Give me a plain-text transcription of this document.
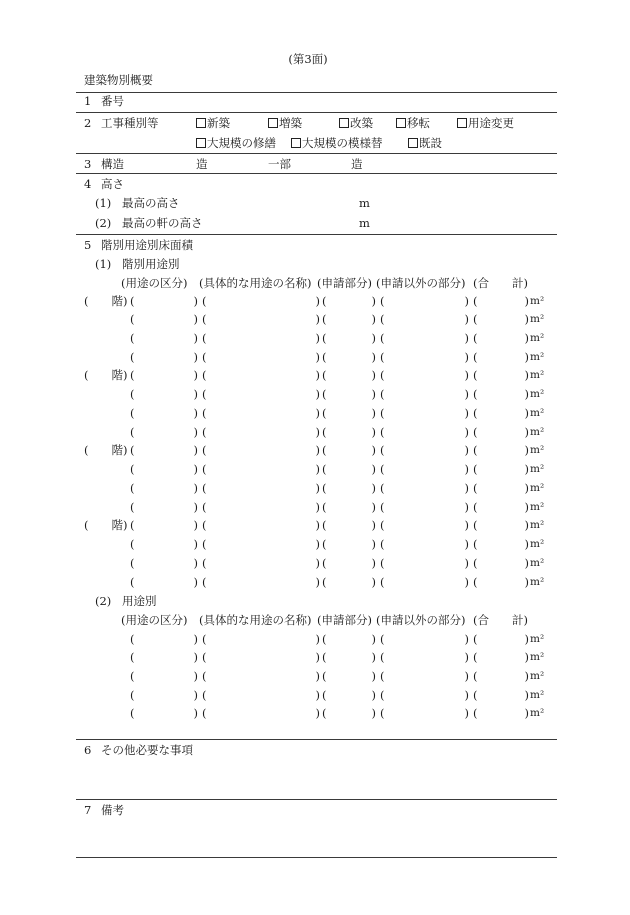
(第3面)
建築物別概要
1 番号
2 工事種別等	新築	増築	改築	移転	用途変更
大規模の修繕 大規模の模様替	既設
3 構造	造	一部	造
4 高さ
(1) 最高の高さ	m
(2) 最高の軒の高さ	m
5 階別用途別床面積
(1) 階別用途別
(用途の区分) (具体的な用途の名称) (申請部分) (申請以外の部分) (合　　計)
(　　階) (	) (	) (	) (	) (	) m²
(	) (	) (	) (	) (	) m²
(	) (	) (	) (	) (	) m²
(	) (	) (	) (	) (	) m²
(　　階) (	) (	) (	) (	) (	) m²
(	) (	) (	) (	) (	) m²
(	) (	) (	) (	) (	) m²
(	) (	) (	) (	) (	) m²
(　　階) (	) (	) (	) (	) (	) m²
(	) (	) (	) (	) (	) m²
(	) (	) (	) (	) (	) m²
(	) (	) (	) (	) (	) m²
(　　階) (	) (	) (	) (	) (	) m²
(	) (	) (	) (	) (	) m²
(	) (	) (	) (	) (	) m²
(	) (	) (	) (	) (	) m²
(2) 用途別
(用途の区分) (具体的な用途の名称) (申請部分) (申請以外の部分) (合　　計)
(	) (	) (	) (	) (	) m²
(	) (	) (	) (	) (	) m²
(	) (	) (	) (	) (	) m²
(	) (	) (	) (	) (	) m²
(	) (	) (	) (	) (	) m²
6 その他必要な事項
7 備考
